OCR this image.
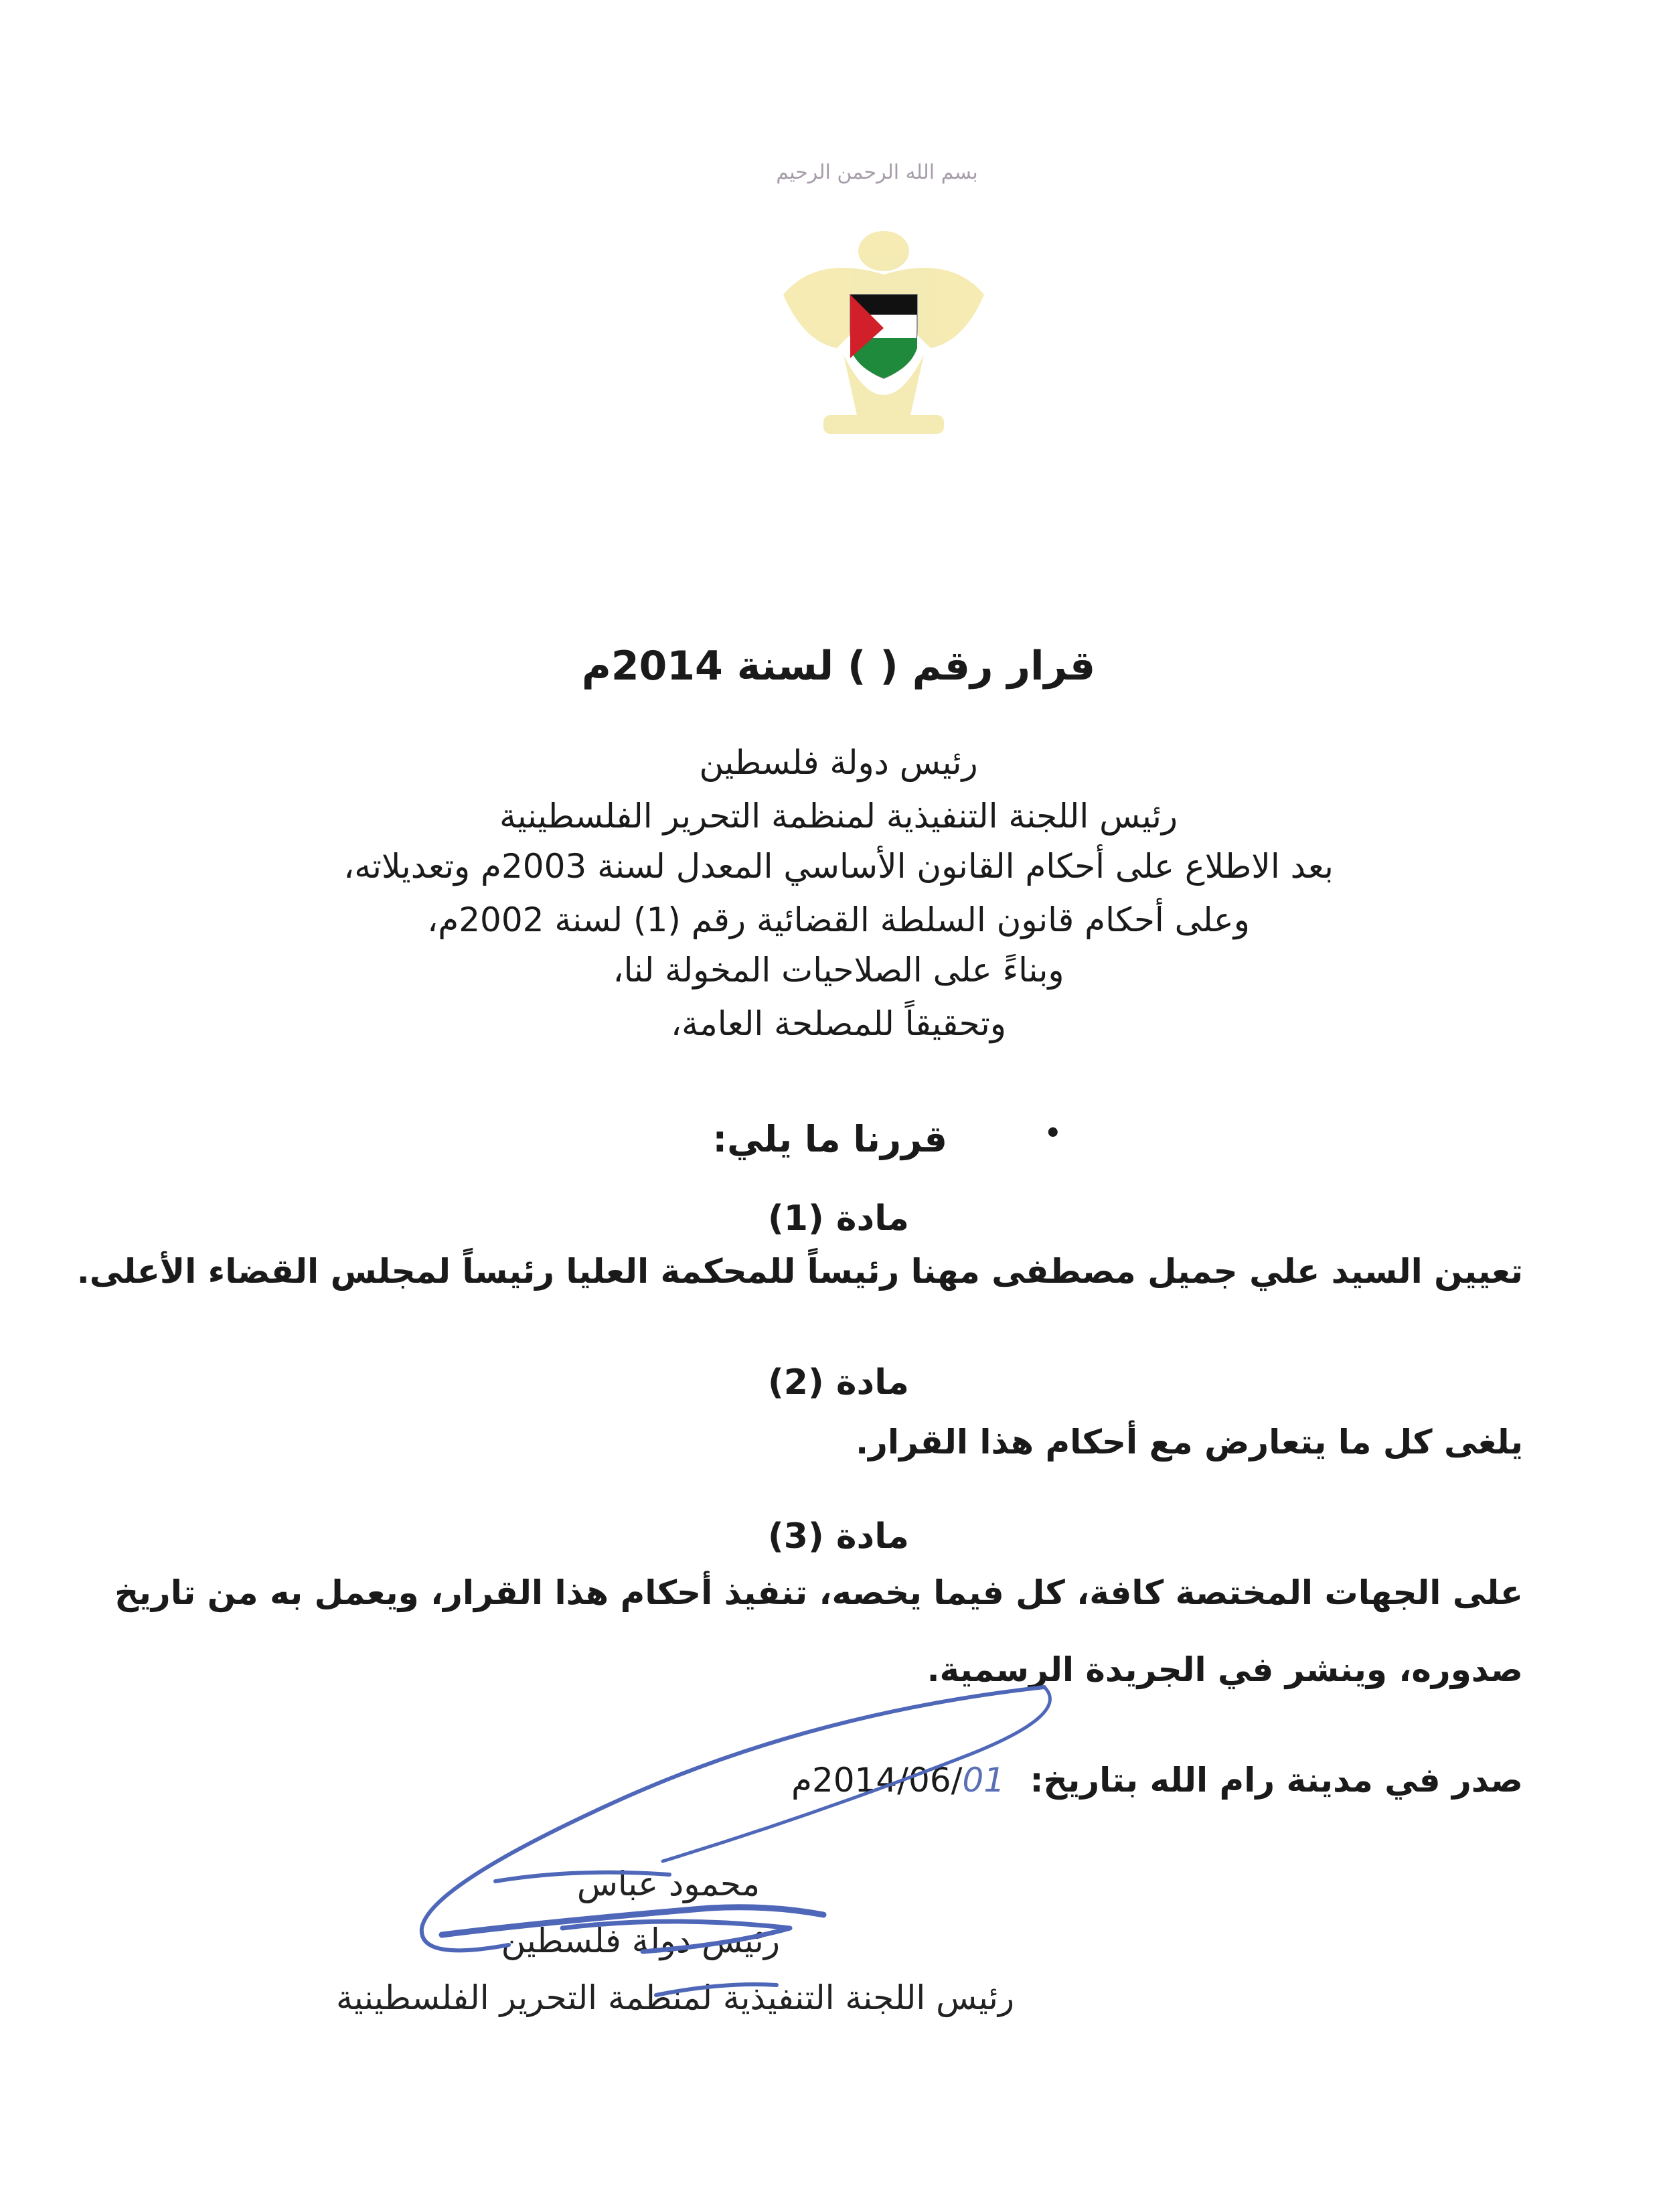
بسم الله الرحمن الرحيم
قرار رقم ( ) لسنة 2014م
رئيس دولة فلسطين
رئيس اللجنة التنفيذية لمنظمة التحرير الفلسطينية
بعد الاطلاع على أحكام القانون الأساسي المعدل لسنة 2003م وتعديلاته،
وعلى أحكام قانون السلطة القضائية رقم (1) لسنة 2002م،
وبناءً على الصلاحيات المخولة لنا،
وتحقيقاً للمصلحة العامة،
قررنا ما يلي:	•
مادة (1)
تعيين السيد علي جميل مصطفى مهنا رئيساً للمحكمة العليا رئيساً لمجلس القضاء الأعلى.
مادة (2)
يلغى كل ما يتعارض مع أحكام هذا القرار.
مادة (3)
على الجهات المختصة كافة، كل فيما يخصه، تنفيذ أحكام هذا القرار، ويعمل به من تاريخ
صدوره، وينشر في الجريدة الرسمية.
صدر في مدينة رام الله بتاريخ: 2014/06/01م
محمود عباس
رئيس دولة فلسطين
رئيس اللجنة التنفيذية لمنظمة التحرير الفلسطينية
